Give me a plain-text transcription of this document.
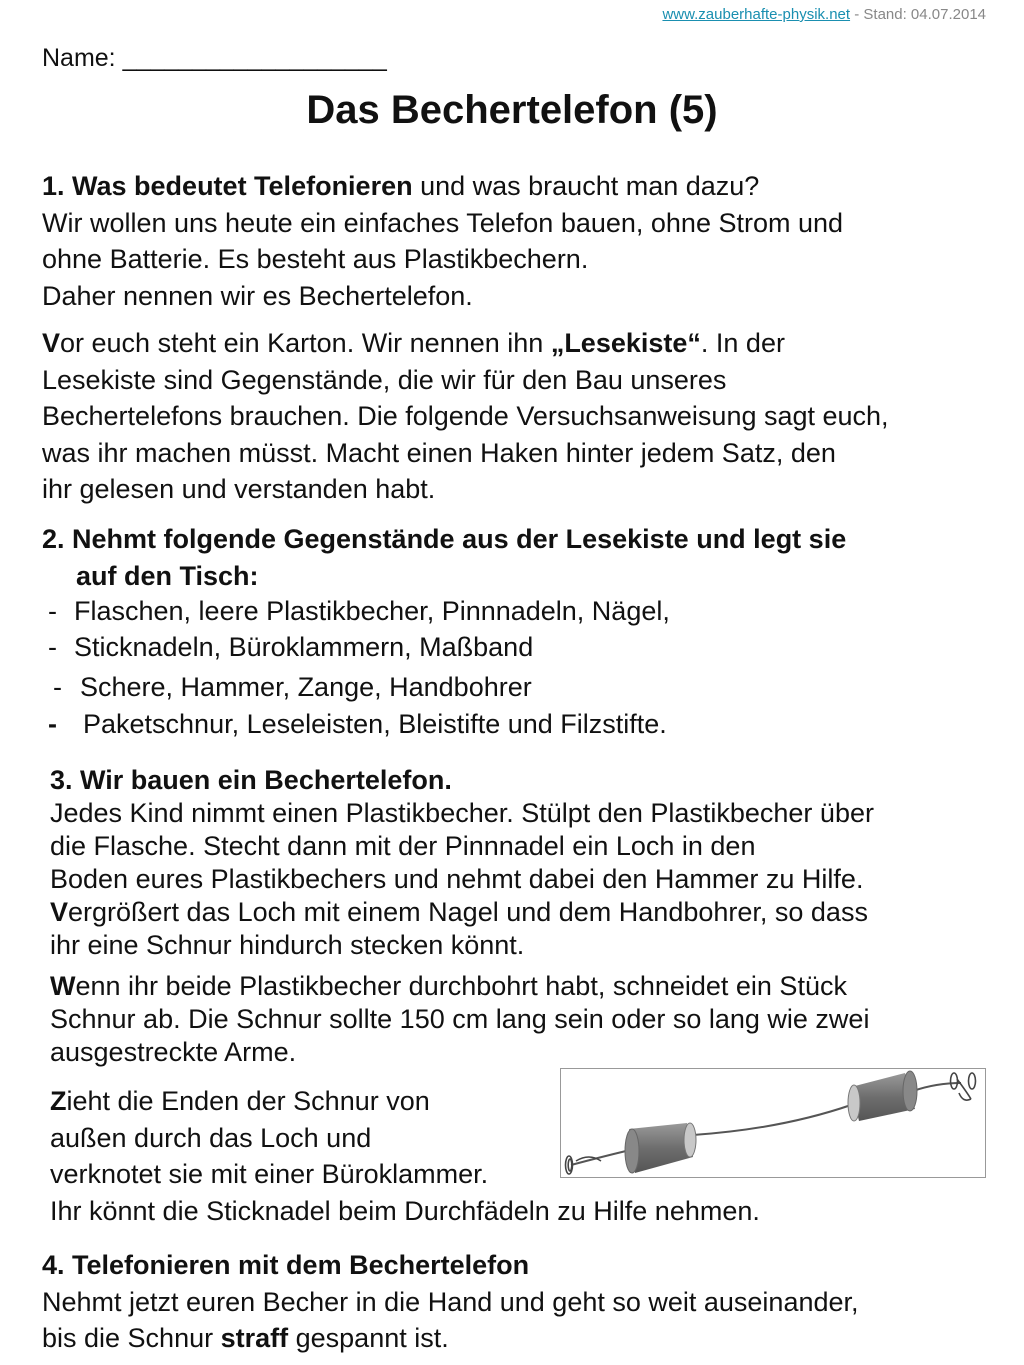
www.zauberhafte-physik.net - Stand: 04.07.2014
Name: ___________________
Das Bechertelefon (5)
1. Was bedeutet Telefonieren und was braucht man dazu?
Wir wollen uns heute ein einfaches Telefon bauen, ohne Strom und
ohne Batterie. Es besteht aus Plastikbechern.
Daher nennen wir es Bechertelefon.
Vor euch steht ein Karton. Wir nennen ihn „Lesekiste“. In der
Lesekiste sind Gegenstände, die wir für den Bau unseres
Bechertelefons brauchen. Die folgende Versuchsanweisung sagt euch,
was ihr machen müsst. Macht einen Haken hinter jedem Satz, den
ihr gelesen und verstanden habt.
2. Nehmt folgende Gegenstände aus der Lesekiste und legt sie
auf den Tisch:
- Flaschen, leere Plastikbecher, Pinnnadeln, Nägel,
- Sticknadeln, Büroklammern, Maßband
- Schere, Hammer, Zange, Handbohrer
- Paketschnur, Leseleisten, Bleistifte und Filzstifte.
3. Wir bauen ein Bechertelefon.
Jedes Kind nimmt einen Plastikbecher. Stülpt den Plastikbecher über
die Flasche. Stecht dann mit der Pinnnadel ein Loch in den
Boden eures Plastikbechers und nehmt dabei den Hammer zu Hilfe.
Vergrößert das Loch mit einem Nagel und dem Handbohrer, so dass
ihr eine Schnur hindurch stecken könnt.
Wenn ihr beide Plastikbecher durchbohrt habt, schneidet ein Stück
Schnur ab. Die Schnur sollte 150 cm lang sein oder so lang wie zwei
ausgestreckte Arme.
Zieht die Enden der Schnur von
außen durch das Loch und
verknotet sie mit einer Büroklammer.
Ihr könnt die Sticknadel beim Durchfädeln zu Hilfe nehmen.
4. Telefonieren mit dem Bechertelefon
Nehmt jetzt euren Becher in die Hand und geht so weit auseinander,
bis die Schnur straff gespannt ist.
